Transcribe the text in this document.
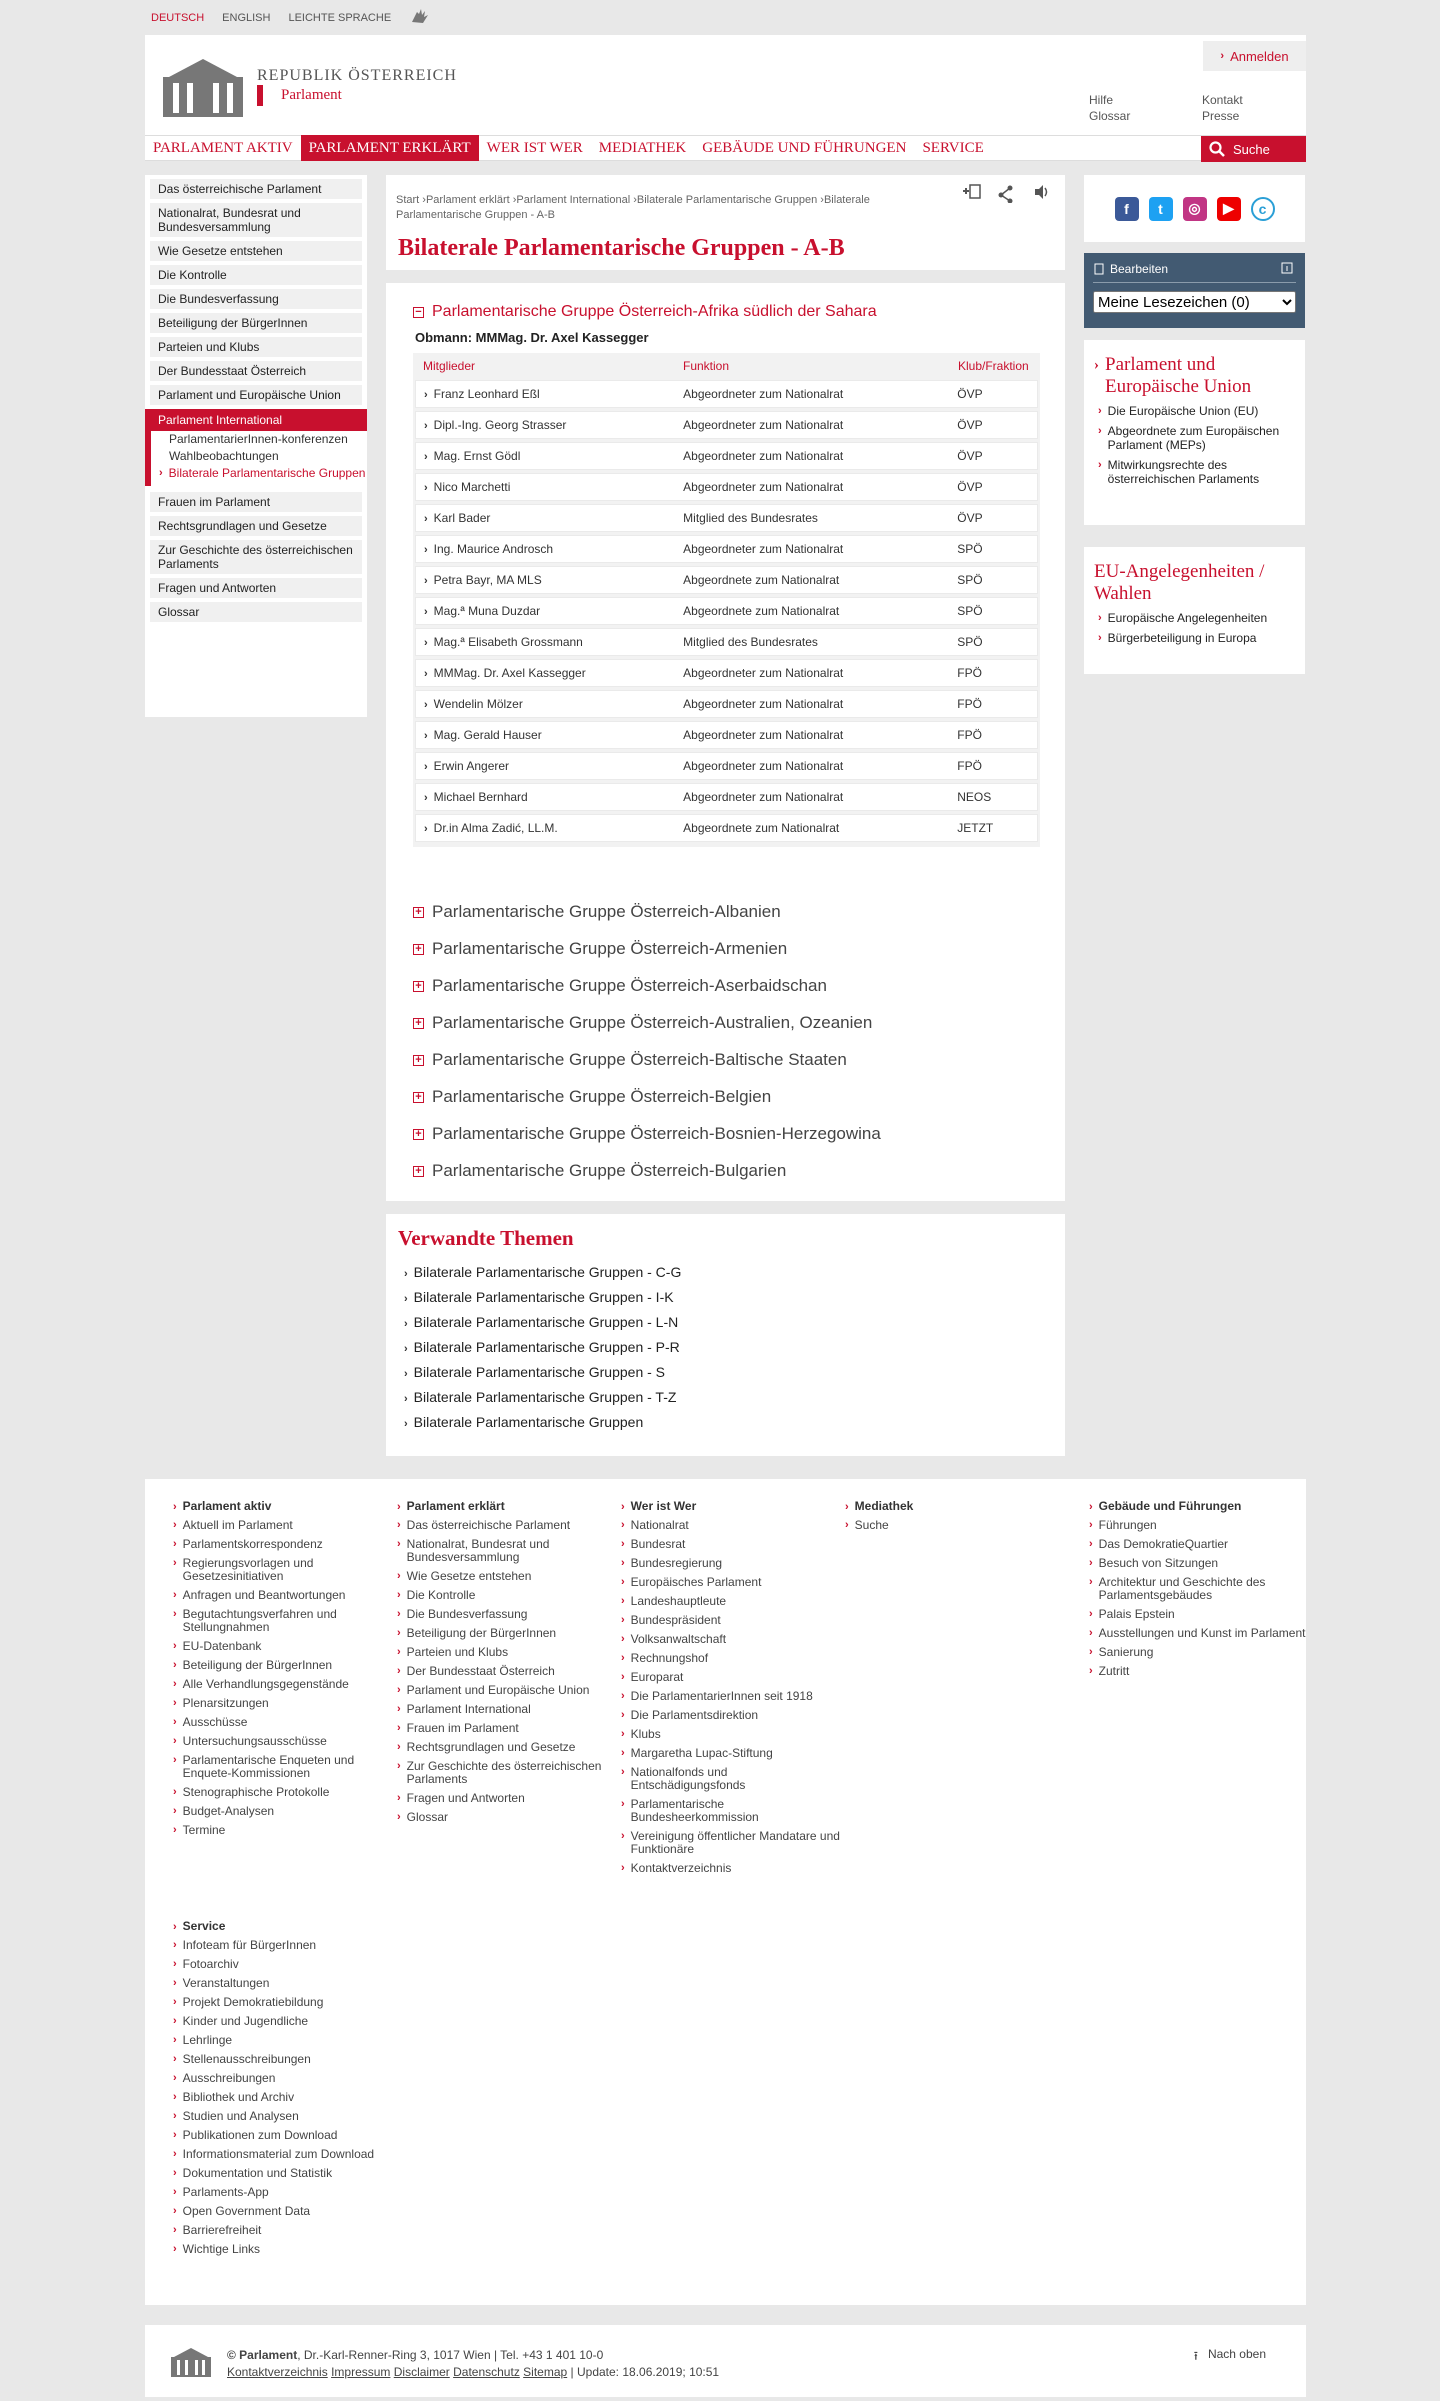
DEUTSCH ENGLISH LEICHTE SPRACHE
REPUBLIK ÖSTERREICH
Parlament
› Anmelden
Hilfe
Glossar
Kontakt
Presse
PARLAMENT AKTIV	PARLAMENT ERKLÄRT	WER IST WER	MEDIATHEK	GEBÄUDE UND FÜHRUNGEN	SERVICE	Suche
Das österreichische Parlament
Nationalrat, Bundesrat und Bundesversammlung
Wie Gesetze entstehen
Die Kontrolle
Die Bundesverfassung
Beteiligung der BürgerInnen
Parteien und Klubs
Der Bundesstaat Österreich
Parlament und Europäische Union
Parlament International
ParlamentarierInnen-konferenzen
Wahlbeobachtungen
› Bilaterale Parlamentarische Gruppen
Frauen im Parlament
Rechtsgrundlagen und Gesetze
Zur Geschichte des österreichischen Parlaments
Fragen und Antworten
Glossar
Start ›Parlament erklärt ›Parlament International ›Bilaterale Parlamentarische Gruppen ›Bilaterale Parlamentarische Gruppen - A-B
Bilaterale Parlamentarische Gruppen - A-B
− Parlamentarische Gruppe Österreich-Afrika südlich der Sahara
Obmann: MMMag. Dr. Axel Kassegger
Mitglieder	Funktion	Klub/Fraktion
› Franz Leonhard Eßl	Abgeordneter zum Nationalrat	ÖVP
› Dipl.-Ing. Georg Strasser	Abgeordneter zum Nationalrat	ÖVP
› Mag. Ernst Gödl	Abgeordneter zum Nationalrat	ÖVP
› Nico Marchetti	Abgeordneter zum Nationalrat	ÖVP
› Karl Bader	Mitglied des Bundesrates	ÖVP
› Ing. Maurice Androsch	Abgeordneter zum Nationalrat	SPÖ
› Petra Bayr, MA MLS	Abgeordnete zum Nationalrat	SPÖ
› Mag.ª Muna Duzdar	Abgeordnete zum Nationalrat	SPÖ
› Mag.ª Elisabeth Grossmann	Mitglied des Bundesrates	SPÖ
› MMMag. Dr. Axel Kassegger	Abgeordneter zum Nationalrat	FPÖ
› Wendelin Mölzer	Abgeordneter zum Nationalrat	FPÖ
› Mag. Gerald Hauser	Abgeordneter zum Nationalrat	FPÖ
› Erwin Angerer	Abgeordneter zum Nationalrat	FPÖ
› Michael Bernhard	Abgeordneter zum Nationalrat	NEOS
› Dr.in Alma Zadić, LL.M.	Abgeordnete zum Nationalrat	JETZT
+ Parlamentarische Gruppe Österreich-Albanien
+ Parlamentarische Gruppe Österreich-Armenien
+ Parlamentarische Gruppe Österreich-Aserbaidschan
+ Parlamentarische Gruppe Österreich-Australien, Ozeanien
+ Parlamentarische Gruppe Österreich-Baltische Staaten
+ Parlamentarische Gruppe Österreich-Belgien
+ Parlamentarische Gruppe Österreich-Bosnien-Herzegowina
+ Parlamentarische Gruppe Österreich-Bulgarien
Verwandte Themen
› Bilaterale Parlamentarische Gruppen - C-G
› Bilaterale Parlamentarische Gruppen - I-K
› Bilaterale Parlamentarische Gruppen - L-N
› Bilaterale Parlamentarische Gruppen - P-R
› Bilaterale Parlamentarische Gruppen - S
› Bilaterale Parlamentarische Gruppen - T-Z
› Bilaterale Parlamentarische Gruppen
f	t	◎	▶	c
Bearbeiten
Meine Lesezeichen (0)
› Parlament und Europäische Union
› Die Europäische Union (EU)
› Abgeordnete zum Europäischen Parlament (MEPs)
› Mitwirkungsrechte des österreichischen Parlaments
EU-Angelegenheiten / Wahlen
› Europäische Angelegenheiten
› Bürgerbeteiligung in Europa
› Parlament aktiv
› Aktuell im Parlament
› Parlamentskorrespondenz
› Regierungsvorlagen und Gesetzesinitiativen
› Anfragen und Beantwortungen
› Begutachtungsverfahren und Stellungnahmen
› EU-Datenbank
› Beteiligung der BürgerInnen
› Alle Verhandlungsgegenstände
› Plenarsitzungen
› Ausschüsse
› Untersuchungsausschüsse
› Parlamentarische Enqueten und Enquete-Kommissionen
› Stenographische Protokolle
› Budget-Analysen
› Termine
› Parlament erklärt
› Das österreichische Parlament
› Nationalrat, Bundesrat und Bundesversammlung
› Wie Gesetze entstehen
› Die Kontrolle
› Die Bundesverfassung
› Beteiligung der BürgerInnen
› Parteien und Klubs
› Der Bundesstaat Österreich
› Parlament und Europäische Union
› Parlament International
› Frauen im Parlament
› Rechtsgrundlagen und Gesetze
› Zur Geschichte des österreichischen Parlaments
› Fragen und Antworten
› Glossar
› Wer ist Wer
› Nationalrat
› Bundesrat
› Bundesregierung
› Europäisches Parlament
› Landeshauptleute
› Bundespräsident
› Volksanwaltschaft
› Rechnungshof
› Europarat
› Die ParlamentarierInnen seit 1918
› Die Parlamentsdirektion
› Klubs
› Margaretha Lupac-Stiftung
› Nationalfonds und Entschädigungsfonds
› Parlamentarische Bundesheerkommission
› Vereinigung öffentlicher Mandatare und Funktionäre
› Kontaktverzeichnis
› Mediathek
› Suche
› Gebäude und Führungen
› Führungen
› Das DemokratieQuartier
› Besuch von Sitzungen
› Architektur und Geschichte des Parlamentsgebäudes
› Palais Epstein
› Ausstellungen und Kunst im Parlament
› Sanierung
› Zutritt
› Service
› Infoteam für BürgerInnen
› Fotoarchiv
› Veranstaltungen
› Projekt Demokratiebildung
› Kinder und Jugendliche
› Lehrlinge
› Stellenausschreibungen
› Ausschreibungen
› Bibliothek und Archiv
› Studien und Analysen
› Publikationen zum Download
› Informationsmaterial zum Download
› Dokumentation und Statistik
› Parlaments-App
› Open Government Data
› Barrierefreiheit
› Wichtige Links
© Parlament, Dr.-Karl-Renner-Ring 3, 1017 Wien | Tel. +43 1 401 10-0
Kontaktverzeichnis Impressum Disclaimer Datenschutz Sitemap | Update: 18.06.2019; 10:51
⭱ Nach oben
